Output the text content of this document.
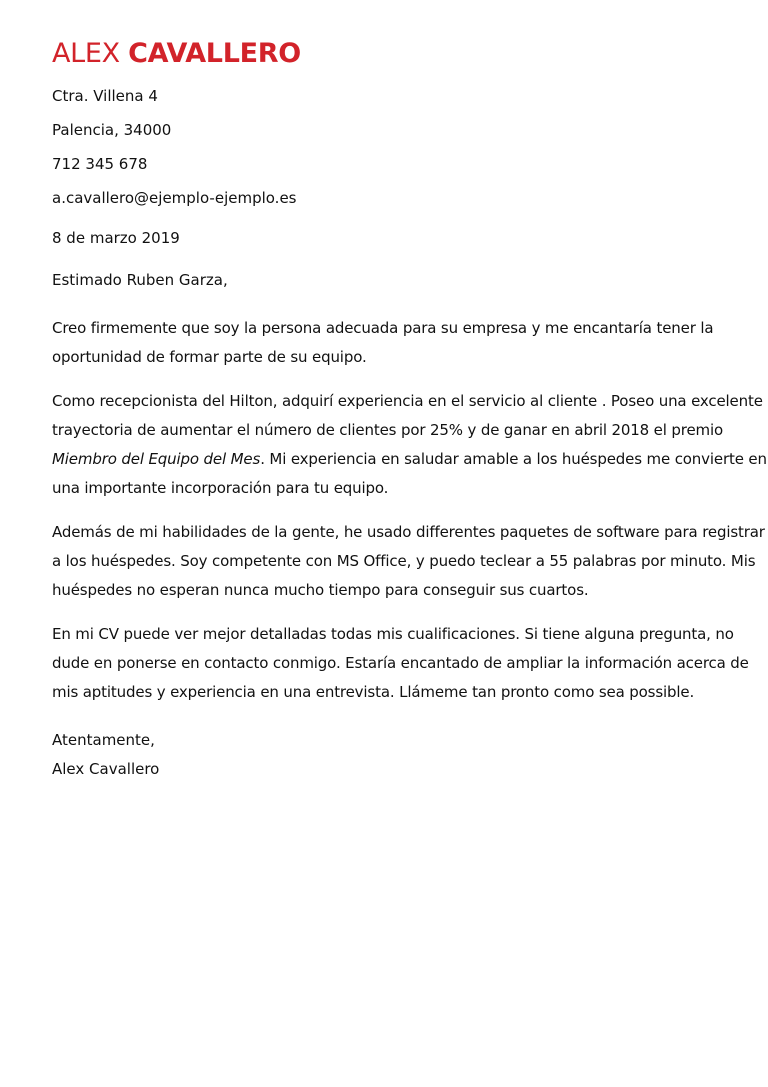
ALEX CAVALLERO

Ctra. Villena 4

Palencia, 34000

712 345 678

a.cavallero@ejemplo-ejemplo.es

8 de marzo 2019

Estimado Ruben Garza,

Creo firmemente que soy la persona adecuada para su empresa y me encantaría tener la
oportunidad de formar parte de su equipo.

Como recepcionista del Hilton, adquirí experiencia en el servicio al cliente . Poseo una excelente
trayectoria de aumentar el número de clientes por 25% y de ganar en abril 2018 el premio
Miembro del Equipo del Mes. Mi experiencia en saludar amable a los huéspedes me convierte en
una importante incorporación para tu equipo.

Además de mi habilidades de la gente, he usado differentes paquetes de software para registrar
a los huéspedes. Soy competente con MS Office, y puedo teclear a 55 palabras por minuto. Mis
huéspedes no esperan nunca mucho tiempo para conseguir sus cuartos.

En mi CV puede ver mejor detalladas todas mis cualificaciones. Si tiene alguna pregunta, no
dude en ponerse en contacto conmigo. Estaría encantado de ampliar la información acerca de
mis aptitudes y experiencia en una entrevista. Llámeme tan pronto como sea possible.

Atentamente,
Alex Cavallero
